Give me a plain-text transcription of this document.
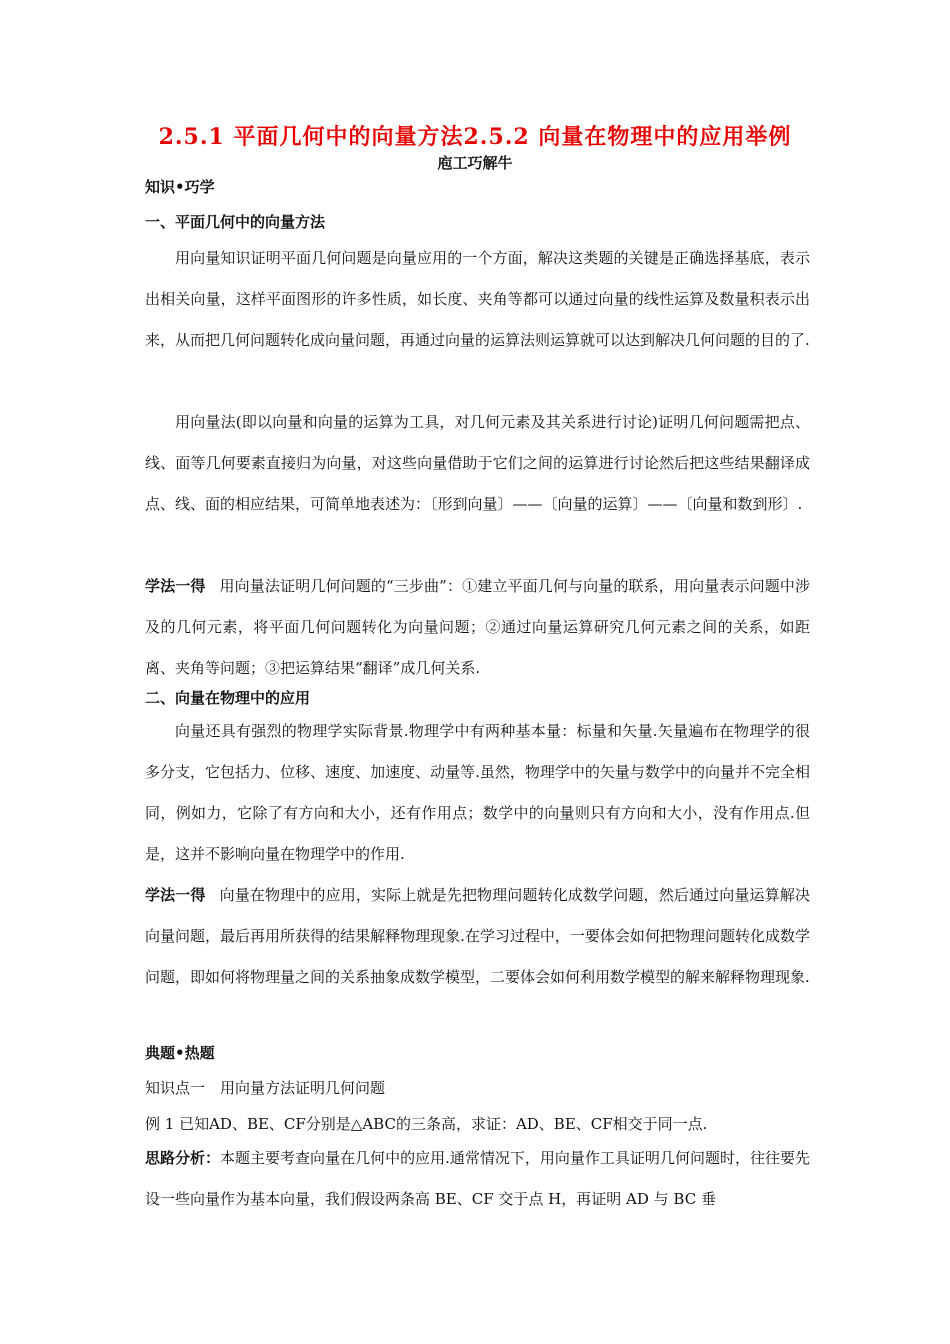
2.5.1 平面几何中的向量方法2.5.2 向量在物理中的应用举例
庖工巧解牛
知识•巧学
一、平面几何中的向量方法
用向量知识证明平面几何问题是向量应用的一个方面，解决这类题的关键是正确选择基底，表示出相关向量，这样平面图形的许多性质，如长度、夹角等都可以通过向量的线性运算及数量积表示出来，从而把几何问题转化成向量问题，再通过向量的运算法则运算就可以达到解决几何问题的目的了.
用向量法(即以向量和向量的运算为工具，对几何元素及其关系进行讨论)证明几何问题需把点、线、面等几何要素直接归为向量，对这些向量借助于它们之间的运算进行讨论然后把这些结果翻译成点、线、面的相应结果，可简单地表述为：〔形到向量〕——〔向量的运算〕——〔向量和数到形〕.
学法一得 用向量法证明几何问题的“三步曲”：①建立平面几何与向量的联系，用向量表示问题中涉及的几何元素，将平面几何问题转化为向量问题；②通过向量运算研究几何元素之间的关系，如距离、夹角等问题；③把运算结果“翻译”成几何关系.
二、向量在物理中的应用
向量还具有强烈的物理学实际背景.物理学中有两种基本量：标量和矢量.矢量遍布在物理学的很多分支，它包括力、位移、速度、加速度、动量等.虽然，物理学中的矢量与数学中的向量并不完全相同，例如力，它除了有方向和大小，还有作用点；数学中的向量则只有方向和大小，没有作用点.但是，这并不影响向量在物理学中的作用.
学法一得 向量在物理中的应用，实际上就是先把物理问题转化成数学问题，然后通过向量运算解决向量问题，最后再用所获得的结果解释物理现象.在学习过程中，一要体会如何把物理问题转化成数学问题，即如何将物理量之间的关系抽象成数学模型，二要体会如何利用数学模型的解来解释物理现象.
典题•热题
知识点一　用向量方法证明几何问题
例 1 已知AD、BE、CF分别是△ABC的三条高，求证：AD、BE、CF相交于同一点.
思路分析：本题主要考查向量在几何中的应用.通常情况下，用向量作工具证明几何问题时，往往要先设一些向量作为基本向量，我们假设两条高 BE、CF 交于点 H，再证明 AD 与 BC 垂
